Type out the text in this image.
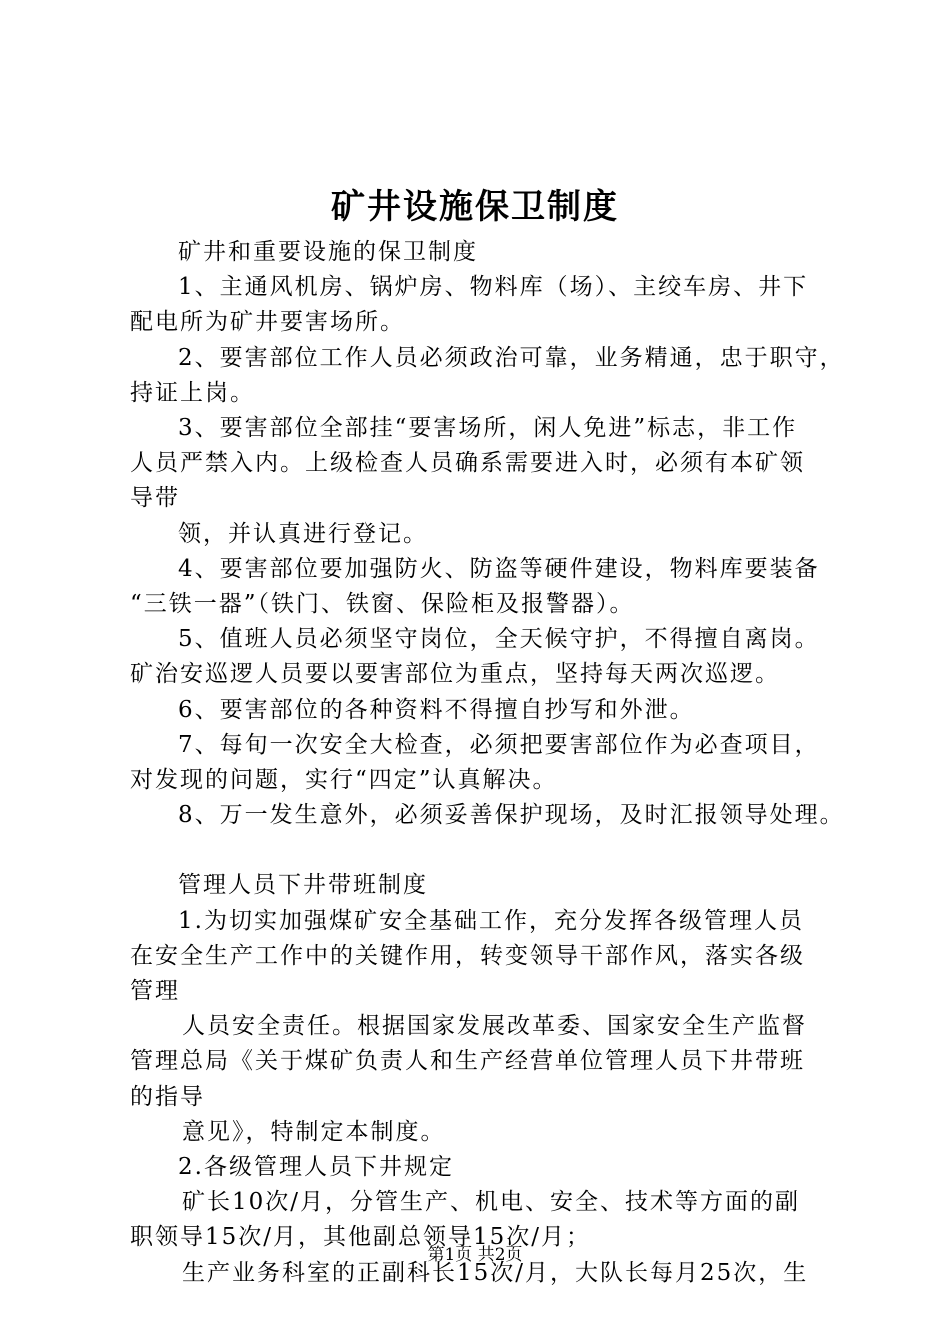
矿井设施保卫制度
矿井和重要设施的保卫制度
1、主通风机房、锅炉房、物料库（场）、主绞车房、井下
配电所为矿井要害场所。
2、要害部位工作人员必须政治可靠，业务精通，忠于职守，
持证上岗。
3、要害部位全部挂“要害场所，闲人免进”标志，非工作
人员严禁入内。上级检查人员确系需要进入时，必须有本矿领
导带
领，并认真进行登记。
4、要害部位要加强防火、防盗等硬件建设，物料库要装备
“三铁一器”（铁门、铁窗、保险柜及报警器）。
5、值班人员必须坚守岗位，全天候守护，不得擅自离岗。
矿治安巡逻人员要以要害部位为重点，坚持每天两次巡逻。
6、要害部位的各种资料不得擅自抄写和外泄。
7、每旬一次安全大检查，必须把要害部位作为必查项目，
对发现的问题，实行“四定”认真解决。
8、万一发生意外，必须妥善保护现场，及时汇报领导处理。
管理人员下井带班制度
1.为切实加强煤矿安全基础工作，充分发挥各级管理人员
在安全生产工作中的关键作用，转变领导干部作风，落实各级
管理
人员安全责任。根据国家发展改革委、国家安全生产监督
管理总局《关于煤矿负责人和生产经营单位管理人员下井带班
的指导
意见》，特制定本制度。
2.各级管理人员下井规定
矿长10次/月，分管生产、机电、安全、技术等方面的副
职领导15次/月，其他副总领导15次/月；
生产业务科室的正副科长15次/月，大队长每月25次，生
第1页 共2页
